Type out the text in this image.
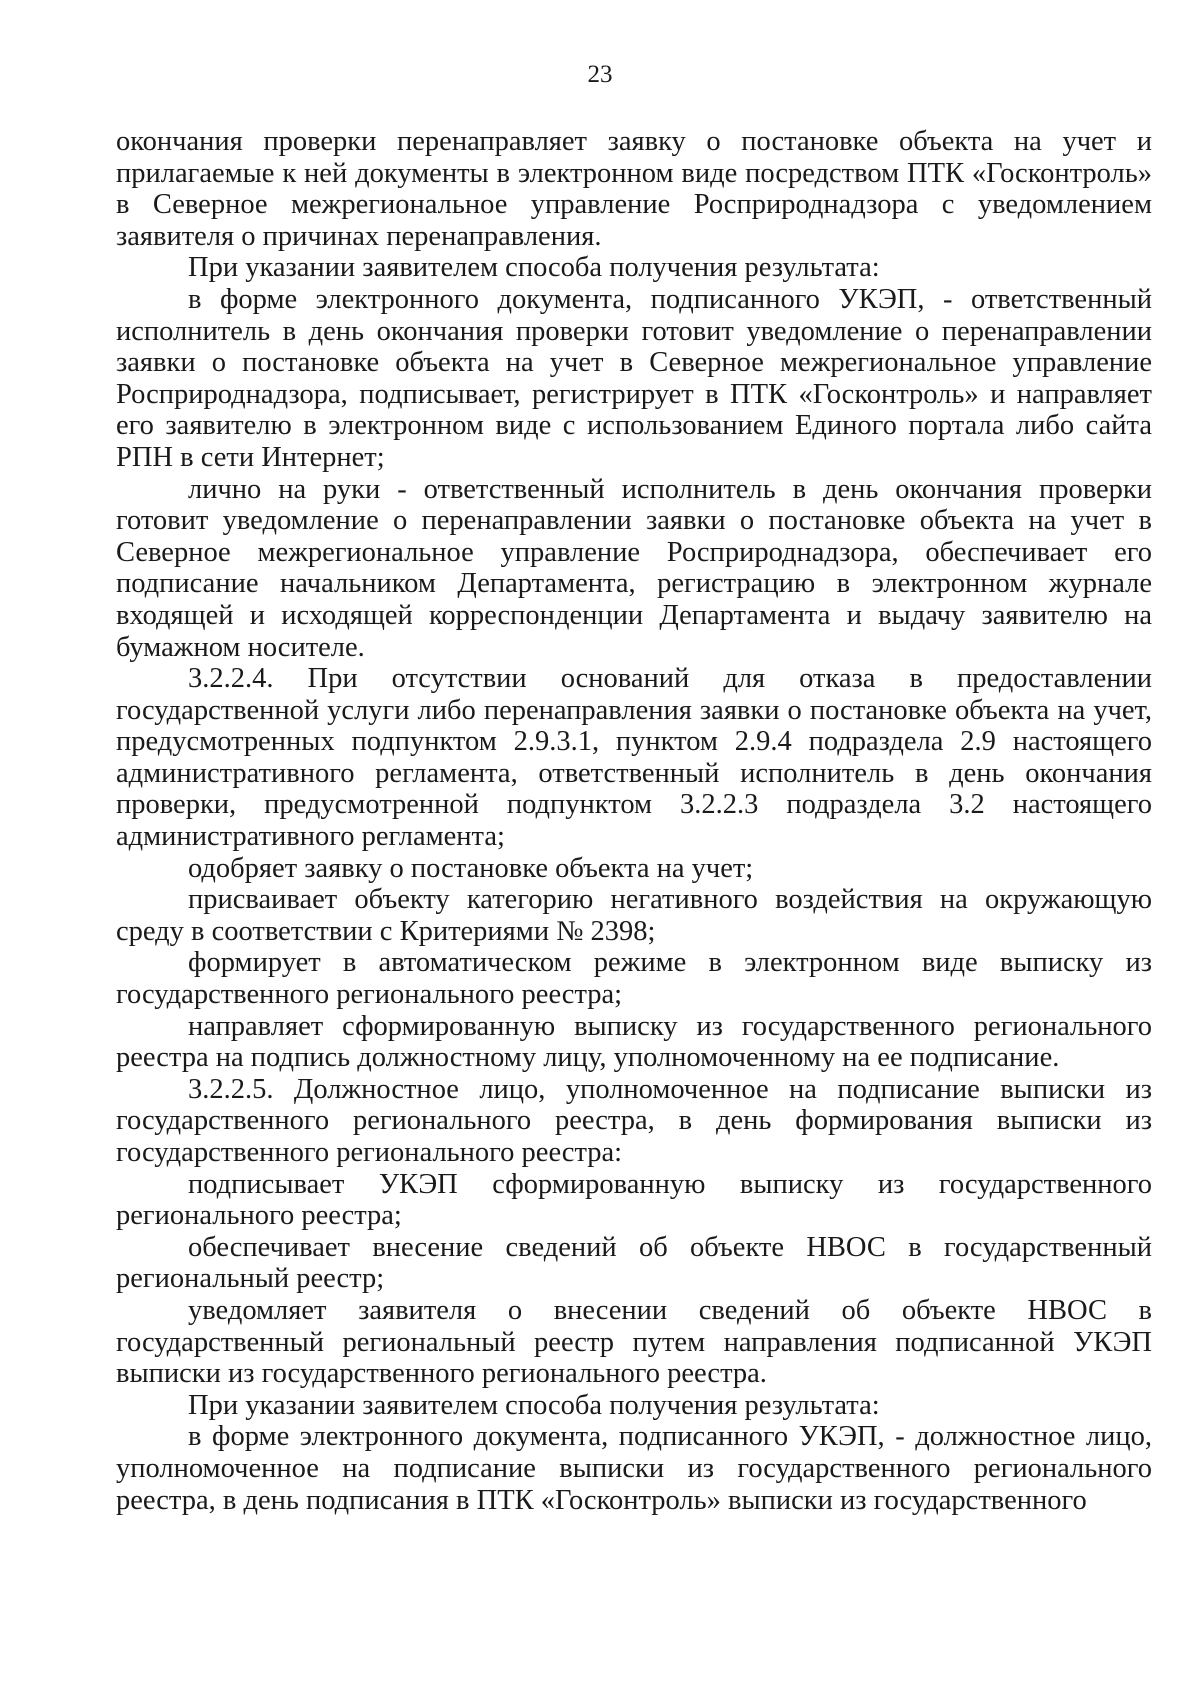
23

окончания проверки перенаправляет заявку о постановке объекта на учет и прилагаемые к ней документы в электронном виде посредством ПТК «Госконтроль» в Северное межрегиональное управление Росприроднадзора с уведомлением заявителя о причинах перенаправления.

При указании заявителем способа получения результата:

в форме электронного документа, подписанного УКЭП, - ответственный исполнитель в день окончания проверки готовит уведомление о перенаправлении заявки о постановке объекта на учет в Северное межрегиональное управление Росприроднадзора, подписывает, регистрирует в ПТК «Госконтроль» и направляет его заявителю в электронном виде с использованием Единого портала либо сайта РПН в сети Интернет;

лично на руки - ответственный исполнитель в день окончания проверки готовит уведомление о перенаправлении заявки о постановке объекта на учет в Северное межрегиональное управление Росприроднадзора, обеспечивает его подписание начальником Департамента, регистрацию в электронном журнале входящей и исходящей корреспонденции Департамента и выдачу заявителю на бумажном носителе.

3.2.2.4. При отсутствии оснований для отказа в предоставлении государственной услуги либо перенаправления заявки о постановке объекта на учет, предусмотренных подпунктом 2.9.3.1, пунктом 2.9.4 подраздела 2.9 настоящего административного регламента, ответственный исполнитель в день окончания проверки, предусмотренной подпунктом 3.2.2.3 подраздела 3.2 настоящего административного регламента;

одобряет заявку о постановке объекта на учет;

присваивает объекту категорию негативного воздействия на окружающую среду в соответствии с Критериями № 2398;

формирует в автоматическом режиме в электронном виде выписку из государственного регионального реестра;

направляет сформированную выписку из государственного регионального реестра на подпись должностному лицу, уполномоченному на ее подписание.

3.2.2.5. Должностное лицо, уполномоченное на подписание выписки из государственного регионального реестра, в день формирования выписки из государственного регионального реестра:

подписывает УКЭП сформированную выписку из государственного регионального реестра;

обеспечивает внесение сведений об объекте НВОС в государственный региональный реестр;

уведомляет заявителя о внесении сведений об объекте НВОС в государственный региональный реестр путем направления подписанной УКЭП выписки из государственного регионального реестра.

При указании заявителем способа получения результата:

в форме электронного документа, подписанного УКЭП, - должностное лицо, уполномоченное на подписание выписки из государственного регионального реестра, в день подписания в ПТК «Госконтроль» выписки из государственного
